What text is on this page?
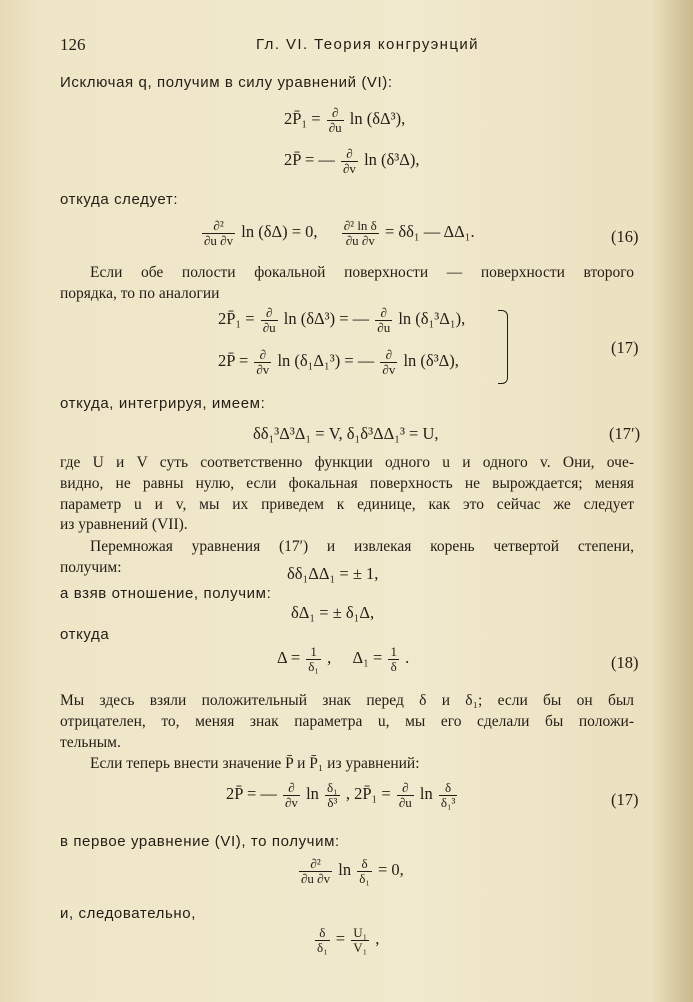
126	Гл. VI. Теория конгруэнций
Исключая q, получим в силу уравнений (VI):
2P̄₁ = $\frac{\partial}{\partial u}$ ln (δΔ³),
2P̄ = — $\frac{\partial}{\partial v}$ ln (δ³Δ),
откуда следует:
$\frac{\text{∂²}}{\partial u \partial v}$ ln (δΔ) = 0, $\frac{\text{∂² ln δ}}{\partial u \partial v} = \delta\delta_1$ — ΔΔ₁.	(16)
Если обе полости фокальной поверхности — поверхности второго
порядка, то по аналогии
2P̄₁ = $\frac{\partial}{\partial u}$ ln (δΔ³) = — $\frac{\partial}{\partial u}$ ln (δ₁³Δ₁),
2P̄ = $\frac{\partial}{\partial v}$ ln (δ₁Δ₁³) = — $\frac{\partial}{\partial v}$ ln (δ³Δ),
(17)
откуда, интегрируя, имеем:
δδ₁³Δ³Δ₁ = V, δ₁δ³ΔΔ₁³ = U,	(17′)
где U и V суть соответственно функции одного u и одного v. Они, оче-
видно, не равны нулю, если фокальная поверхность не вырождается; меняя
параметр u и v, мы их приведем к единице, как это сейчас же следует
из уравнений (VII).
Перемножая уравнения (17′) и извлекая корень четвертой степени,
получим:	δδ₁ΔΔ₁ = ± 1,
а взяв отношение, получим:
δΔ₁ = ± δ₁Δ,
откуда
$\Delta = \frac{1}{\text{δ₁}}$ , $\Delta_1 = \frac{1}{\delta}$ .	(18)
Мы здесь взяли положительный знак перед δ и δ₁; если бы он был
отрицателен, то, меняя знак параметра u, мы его сделали бы положи-
тельным.
Если теперь внести значение P̄ и P̄₁ из уравнений:
2P̄ = — $\frac{\partial}{\partial v}$ $\ln \frac{\text{δ₁}}{\text{δ³}}$ , 2P̄₁ = $\frac{\partial}{\partial u}$ $\ln \frac{\delta}{\text{δ₁³}}$	(17)
в первое уравнение (VI), то получим:
$\frac{\text{∂²}}{\partial u \partial v}$ $\ln \frac{\delta}{\text{δ₁}} = 0$,
и, следовательно,
$\frac{\delta}{\text{δ₁}} = \frac{\text{U₁}}{\text{V₁}}$ ,
